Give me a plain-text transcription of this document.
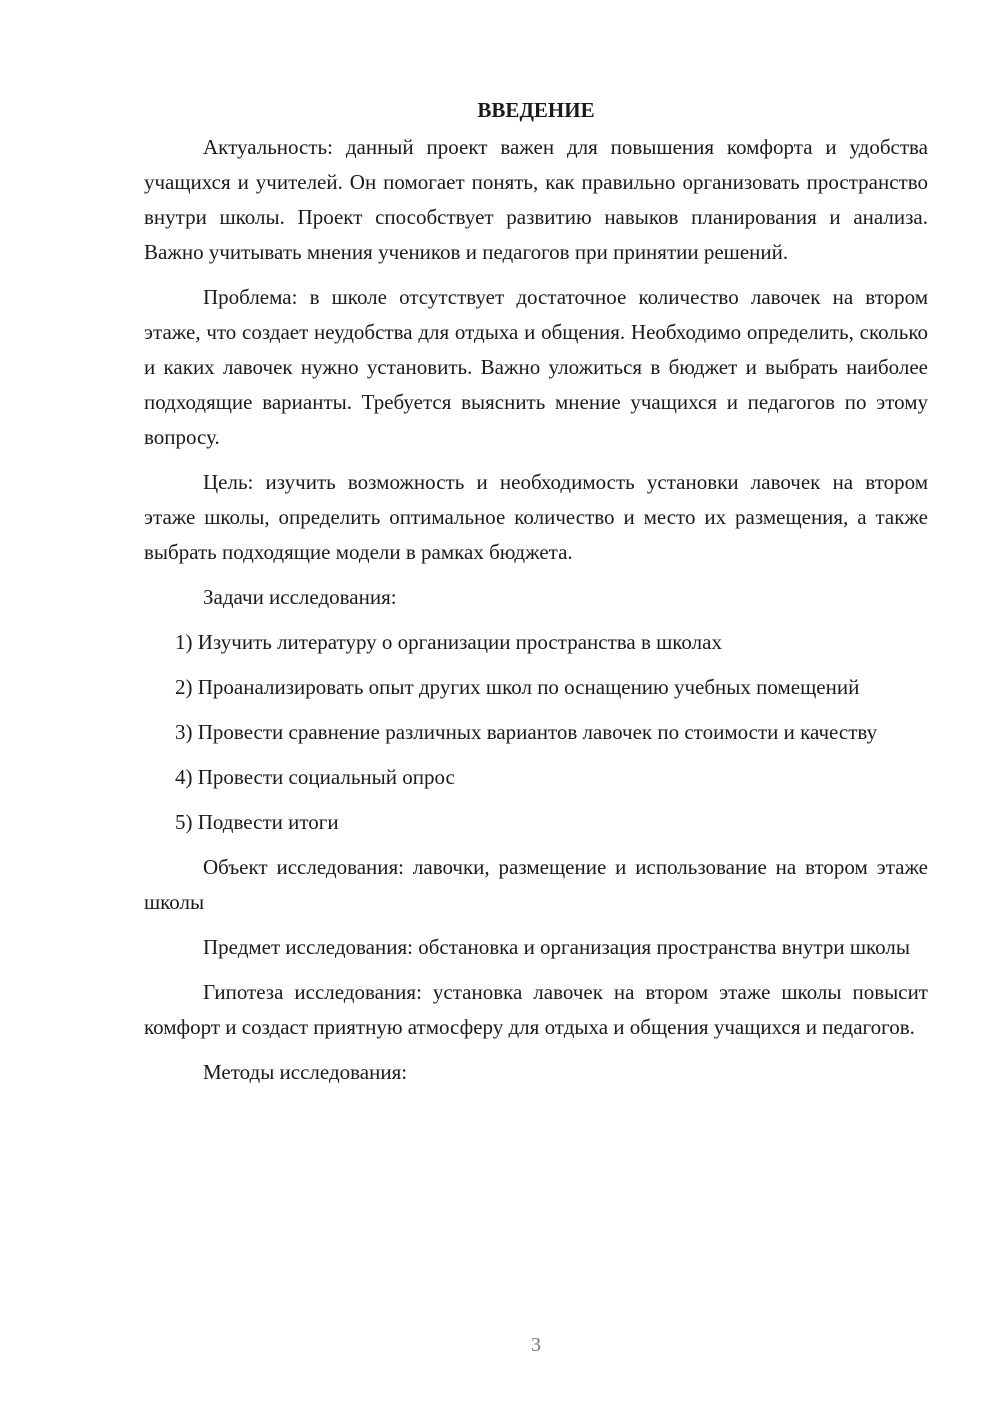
ВВЕДЕНИЕ

Актуальность: данный проект важен для повышения комфорта и удобства учащихся и учителей. Он помогает понять, как правильно организовать пространство внутри школы. Проект способствует развитию навыков планирования и анализа. Важно учитывать мнения учеников и педагогов при принятии решений.

Проблема: в школе отсутствует достаточное количество лавочек на втором этаже, что создает неудобства для отдыха и общения. Необходимо определить, сколько и каких лавочек нужно установить. Важно уложиться в бюджет и выбрать наиболее подходящие варианты. Требуется выяснить мнение учащихся и педагогов по этому вопросу.

Цель: изучить возможность и необходимость установки лавочек на втором этаже школы, определить оптимальное количество и место их размещения, а также выбрать подходящие модели в рамках бюджета.

Задачи исследования:

1) Изучить литературу о организации пространства в школах

2) Проанализировать опыт других школ по оснащению учебных помещений

3) Провести сравнение различных вариантов лавочек по стоимости и качеству

4) Провести социальный опрос

5) Подвести итоги

Объект исследования: лавочки, размещение и использование на втором этаже школы

Предмет исследования: обстановка и организация пространства внутри школы

Гипотеза исследования: установка лавочек на втором этаже школы повысит комфорт и создаст приятную атмосферу для отдыха и общения учащихся и педагогов.

Методы исследования:

3
